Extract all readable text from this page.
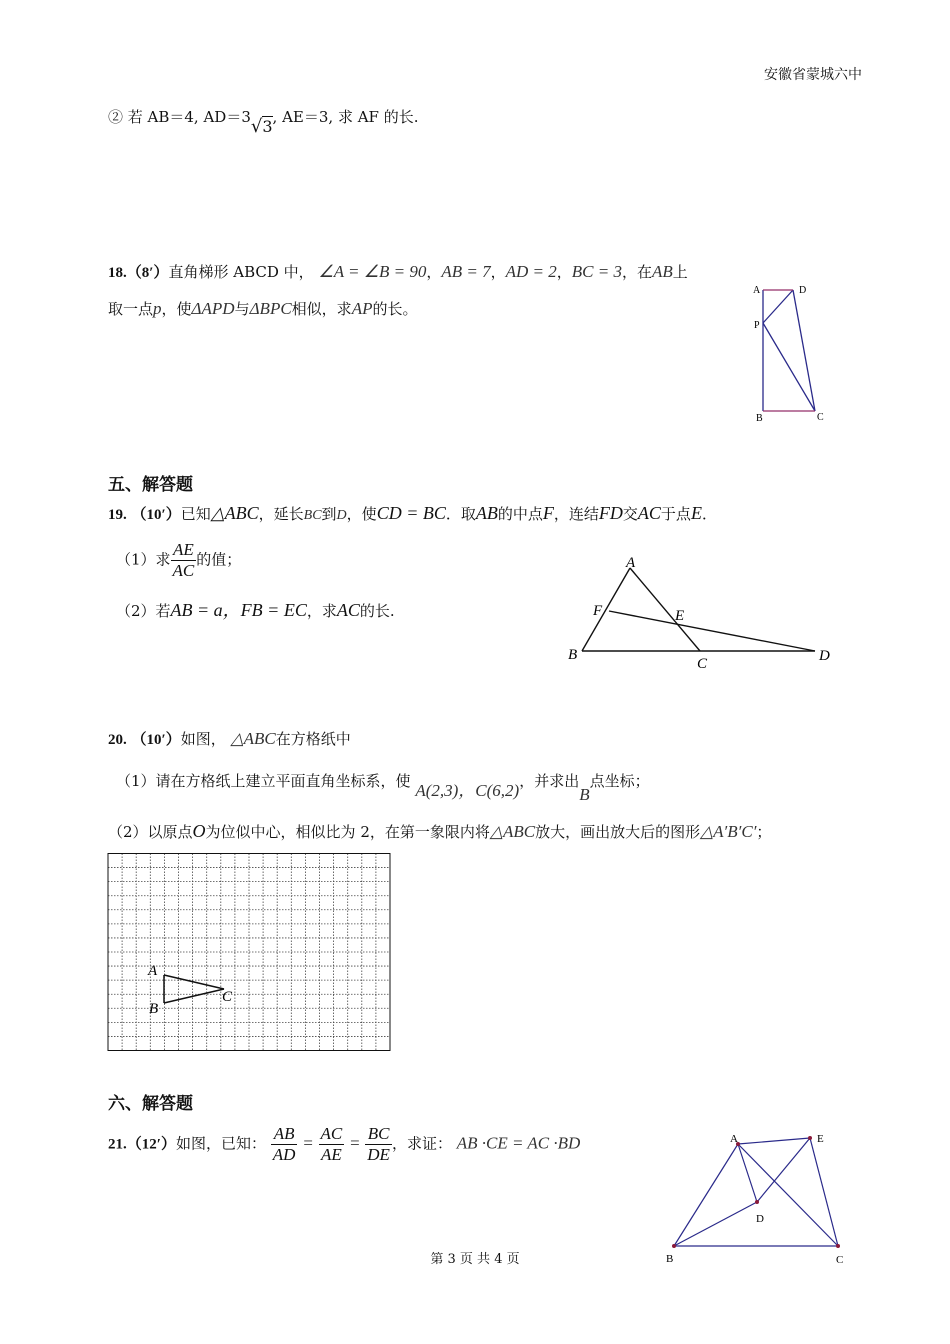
安徽省蒙城六中
② 若 AB＝4, AD＝3√3, AE＝3, 求 AF 的长.
18.（8′）直角梯形 ABCD 中， ∠A = ∠B = 90，AB = 7，AD = 2，BC = 3，在AB上
取一点p，使ΔAPD与ΔBPC相似，求AP的长。
A	D
P
B	C
五、解答题
19. （10′）已知△ABC，延长BC到D，使CD = BC．取AB的中点F，连结FD交AC于点E．
（1）求 $\frac{AE}{AC}$ 的值；
（2）若AB = a，FB = EC，求AC的长.
A
F	E
B
C	D
20. （10′）如图， △ABC在方格纸中
（1）请在方格纸上建立平面直角坐标系，使 A(2,3)，C(6,2)，并求出B点坐标；
（2）以原点O为位似中心，相似比为 2，在第一象限内将△ABC放大，画出放大后的图形△A′B′C′；
A
B
C
六、解答题
21.（12′）如图，已知： $\frac{AB}{AD} = \frac{AC}{AE} = \frac{BC}{DE}$ ，求证： AB ·CE = AC ·BD	A	E
D
B	C
第 3 页 共 4 页
